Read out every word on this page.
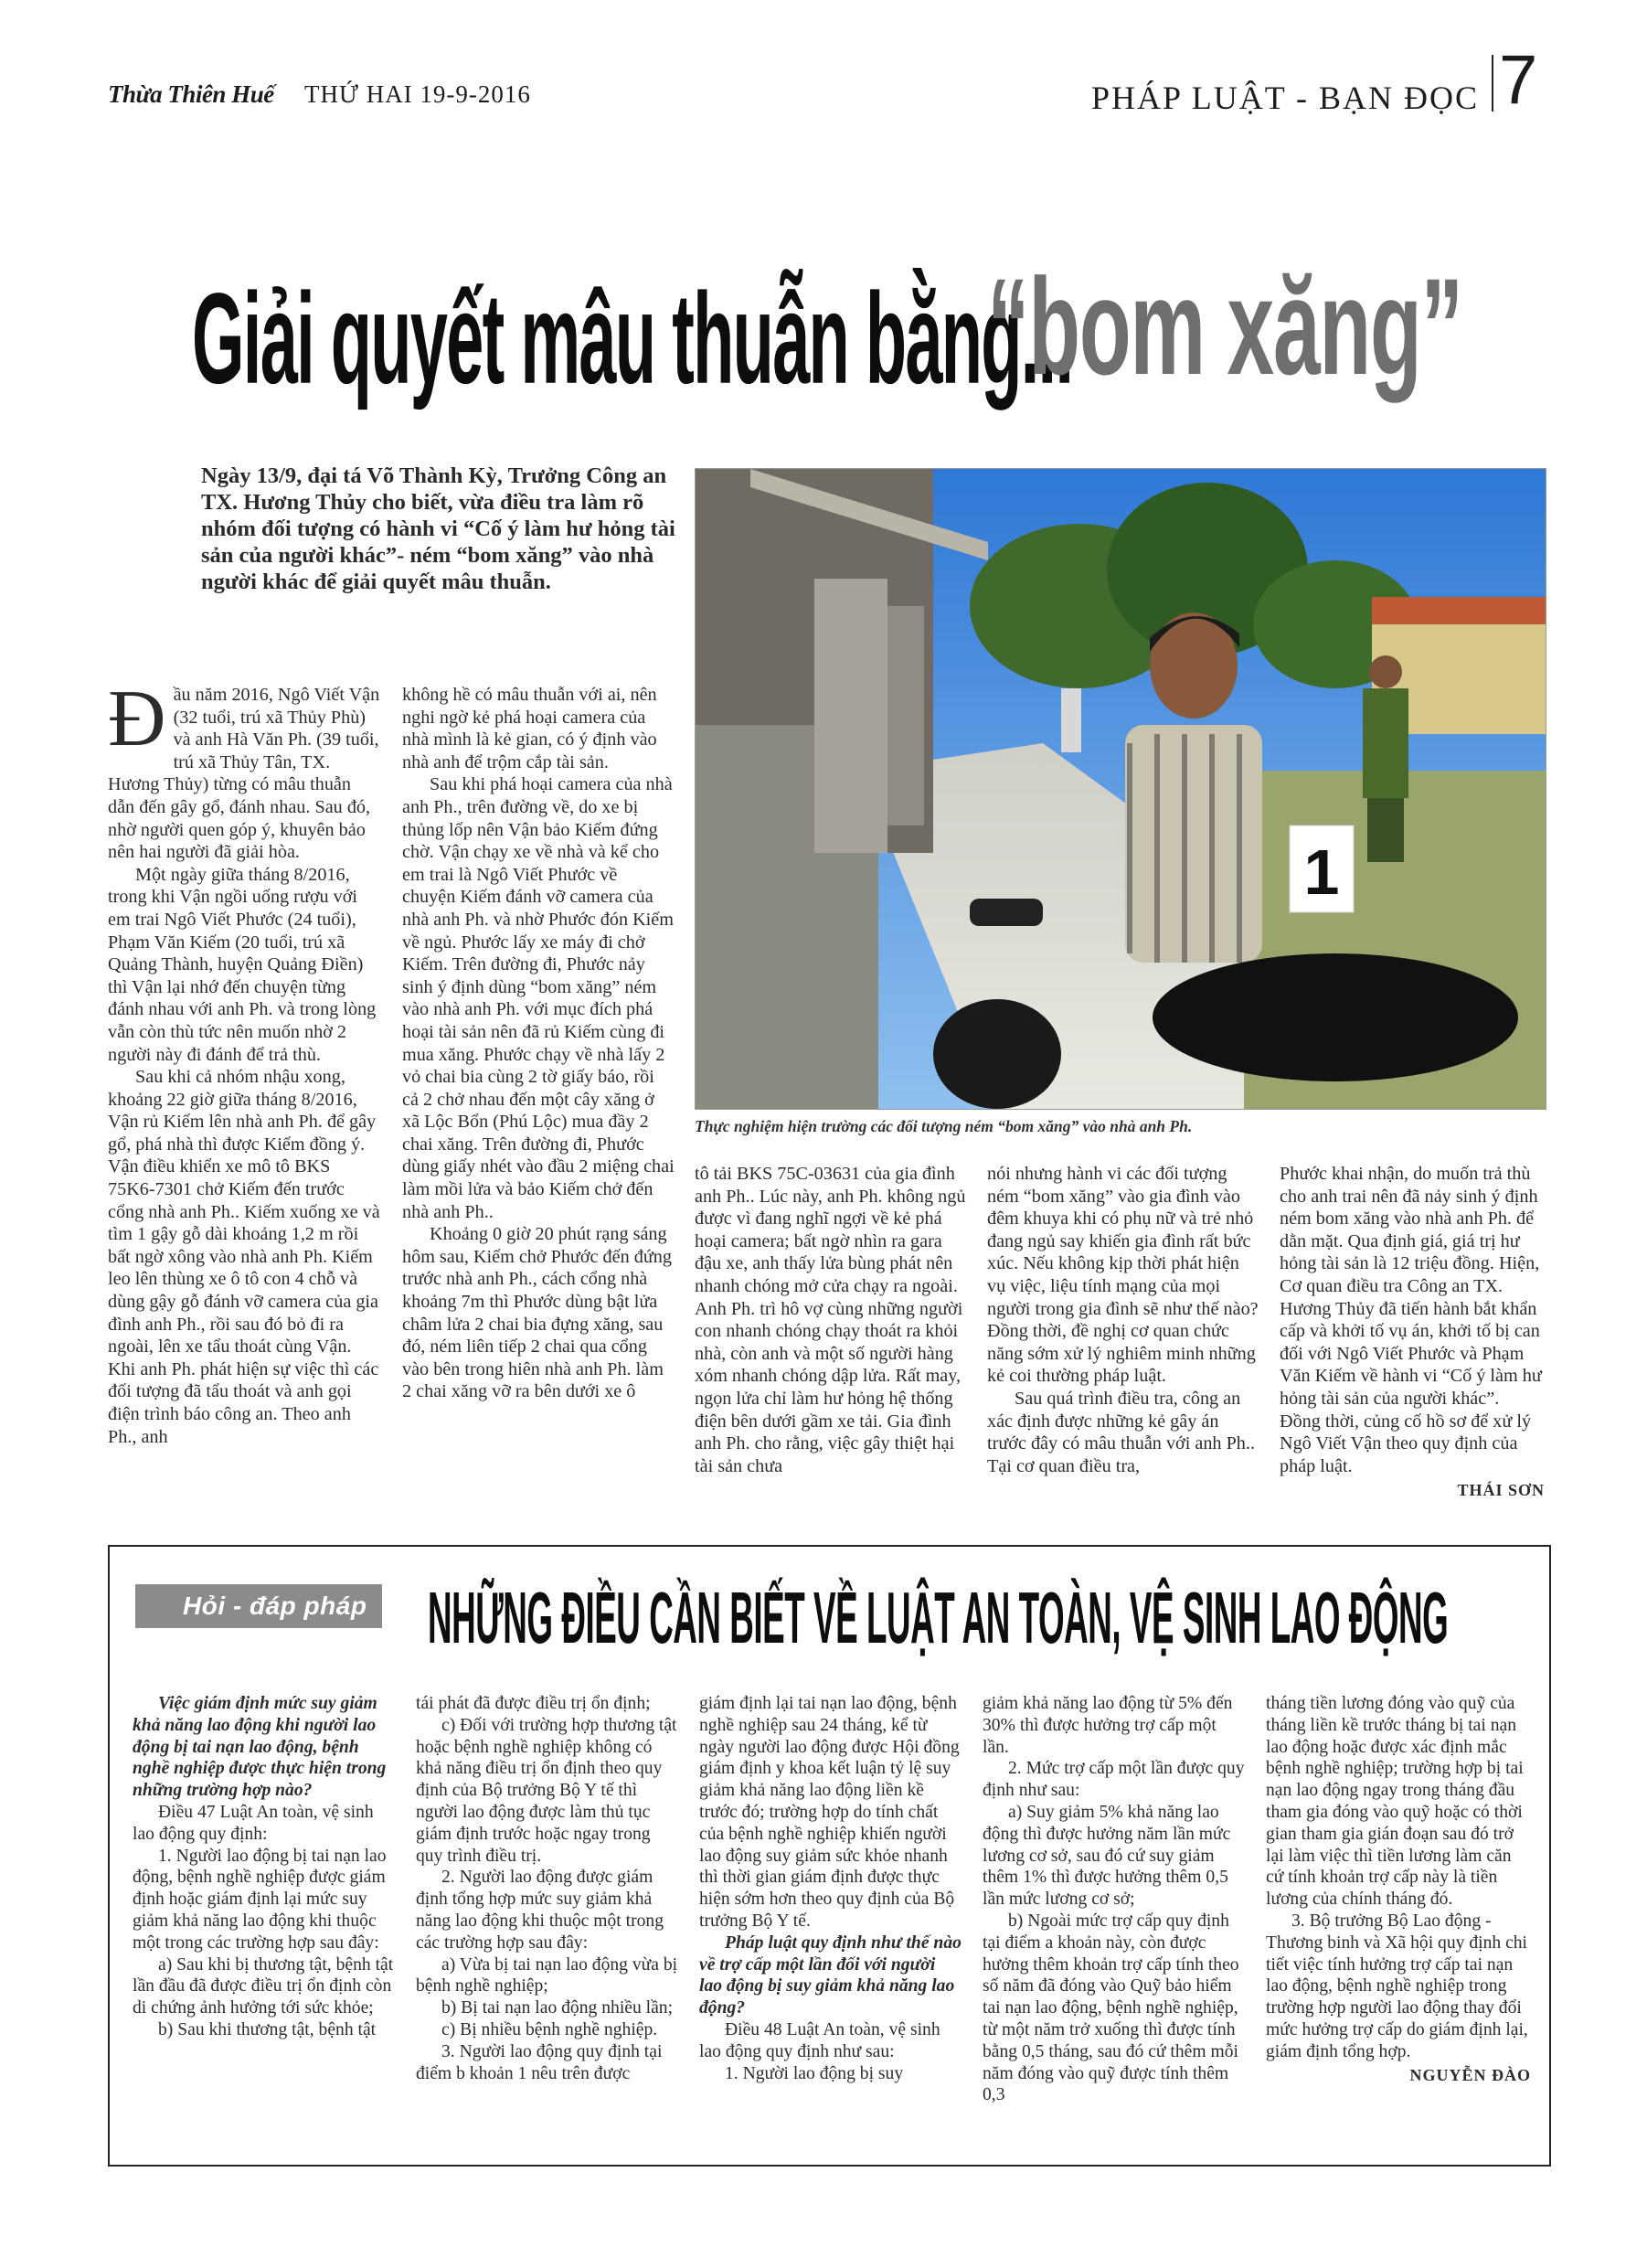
Thừa Thiên Huế THỨ HAI 19-9-2016	PHÁP LUẬT - BẠN ĐỌC 7
Giải quyết mâu thuẫn bằng...
“bom xăng”
Ngày 13/9, đại tá Võ Thành Kỳ, Trưởng Công an TX. Hương Thủy cho biết, vừa điều tra làm rõ nhóm đối tượng có hành vi “Cố ý làm hư hỏng tài sản của người khác”- ném “bom xăng” vào nhà người khác để giải quyết mâu thuẫn.
1
Thực nghiệm hiện trường các đối tượng ném “bom xăng” vào nhà anh Ph.
Đ ầu năm 2016, Ngô Viết Vận (32 tuổi, trú xã Thủy Phù) và anh Hà Văn Ph. (39 tuổi, trú xã Thủy Tân, TX. Hương Thủy) từng có mâu thuẫn dẫn đến gây gổ, đánh nhau. Sau đó, nhờ người quen góp ý, khuyên bảo nên hai người đã giải hòa.

Một ngày giữa tháng 8/2016, trong khi Vận ngồi uống rượu với em trai Ngô Viết Phước (24 tuổi), Phạm Văn Kiếm (20 tuổi, trú xã Quảng Thành, huyện Quảng Điền) thì Vận lại nhớ đến chuyện từng đánh nhau với anh Ph. và trong lòng vẫn còn thù tức nên muốn nhờ 2 người này đi đánh để trả thù.

Sau khi cả nhóm nhậu xong, khoảng 22 giờ giữa tháng 8/2016, Vận rủ Kiếm lên nhà anh Ph. để gây gổ, phá nhà thì được Kiếm đồng ý. Vận điều khiển xe mô tô BKS 75K6-7301 chở Kiếm đến trước cổng nhà anh Ph.. Kiếm xuống xe và tìm 1 gậy gỗ dài khoảng 1,2 m rồi bất ngờ xông vào nhà anh Ph. Kiếm leo lên thùng xe ô tô con 4 chỗ và dùng gậy gỗ đánh vỡ camera của gia đình anh Ph., rồi sau đó bỏ đi ra ngoài, lên xe tẩu thoát cùng Vận. Khi anh Ph. phát hiện sự việc thì các đối tượng đã tẩu thoát và anh gọi điện trình báo công an. Theo anh Ph., anh

không hề có mâu thuẫn với ai, nên nghi ngờ kẻ phá hoại camera của nhà mình là kẻ gian, có ý định vào nhà anh để trộm cắp tài sản.

Sau khi phá hoại camera của nhà anh Ph., trên đường về, do xe bị thủng lốp nên Vận bảo Kiếm đứng chờ. Vận chạy xe về nhà và kể cho em trai là Ngô Viết Phước về chuyện Kiếm đánh vỡ camera của nhà anh Ph. và nhờ Phước đón Kiếm về ngủ. Phước lấy xe máy đi chở Kiếm. Trên đường đi, Phước nảy sinh ý định dùng “bom xăng” ném vào nhà anh Ph. với mục đích phá hoại tài sản nên đã rủ Kiếm cùng đi mua xăng. Phước chạy về nhà lấy 2 vỏ chai bia cùng 2 tờ giấy báo, rồi cả 2 chở nhau đến một cây xăng ở xã Lộc Bổn (Phú Lộc) mua đầy 2 chai xăng. Trên đường đi, Phước dùng giấy nhét vào đầu 2 miệng chai làm mồi lửa và bảo Kiếm chở đến nhà anh Ph..

Khoảng 0 giờ 20 phút rạng sáng hôm sau, Kiếm chở Phước đến đứng trước nhà anh Ph., cách cổng nhà khoảng 7m thì Phước dùng bật lửa châm lửa 2 chai bia đựng xăng, sau đó, ném liên tiếp 2 chai qua cổng vào bên trong hiên nhà anh Ph. làm 2 chai xăng vỡ ra bên dưới xe ô

tô tải BKS 75C-03631 của gia đình anh Ph.. Lúc này, anh Ph. không ngủ được vì đang nghĩ ngợi về kẻ phá hoại camera; bất ngờ nhìn ra gara đậu xe, anh thấy lửa bùng phát nên nhanh chóng mở cửa chạy ra ngoài. Anh Ph. trì hô vợ cùng những người con nhanh chóng chạy thoát ra khỏi nhà, còn anh và một số người hàng xóm nhanh chóng dập lửa. Rất may, ngọn lửa chỉ làm hư hỏng hệ thống điện bên dưới gầm xe tải. Gia đình anh Ph. cho rằng, việc gây thiệt hại tài sản chưa

nói nhưng hành vi các đối tượng ném “bom xăng” vào gia đình vào đêm khuya khi có phụ nữ và trẻ nhỏ đang ngủ say khiến gia đình rất bức xúc. Nếu không kịp thời phát hiện vụ việc, liệu tính mạng của mọi người trong gia đình sẽ như thế nào? Đồng thời, đề nghị cơ quan chức năng sớm xử lý nghiêm minh những kẻ coi thường pháp luật.

Sau quá trình điều tra, công an xác định được những kẻ gây án trước đây có mâu thuẫn với anh Ph.. Tại cơ quan điều tra,

Phước khai nhận, do muốn trả thù cho anh trai nên đã nảy sinh ý định ném bom xăng vào nhà anh Ph. để dằn mặt. Qua định giá, giá trị hư hỏng tài sản là 12 triệu đồng. Hiện, Cơ quan điều tra Công an TX. Hương Thủy đã tiến hành bắt khẩn cấp và khởi tố vụ án, khởi tố bị can đối với Ngô Viết Phước và Phạm Văn Kiếm về hành vi “Cố ý làm hư hỏng tài sản của người khác”. Đồng thời, củng cố hồ sơ để xử lý Ngô Viết Vận theo quy định của pháp luật.

THÁI SƠN
Hỏi - đáp pháp luật	NHỮNG ĐIỀU CẦN BIẾT VỀ LUẬT AN TOÀN, VỆ SINH LAO ĐỘNG

Việc giám định mức suy giảm khả năng lao động khi người lao động bị tai nạn lao động, bệnh nghề nghiệp được thực hiện trong những trường hợp nào?

Điều 47 Luật An toàn, vệ sinh lao động quy định:

1. Người lao động bị tai nạn lao động, bệnh nghề nghiệp được giám định hoặc giám định lại mức suy giảm khả năng lao động khi thuộc một trong các trường hợp sau đây:

a) Sau khi bị thương tật, bệnh tật lần đầu đã được điều trị ổn định còn di chứng ảnh hưởng tới sức khỏe;

b) Sau khi thương tật, bệnh tật

tái phát đã được điều trị ổn định;

c) Đối với trường hợp thương tật hoặc bệnh nghề nghiệp không có khả năng điều trị ổn định theo quy định của Bộ trưởng Bộ Y tế thì người lao động được làm thủ tục giám định trước hoặc ngay trong quy trình điều trị.

2. Người lao động được giám định tổng hợp mức suy giảm khả năng lao động khi thuộc một trong các trường hợp sau đây:

a) Vừa bị tai nạn lao động vừa bị bệnh nghề nghiệp;

b) Bị tai nạn lao động nhiều lần;

c) Bị nhiều bệnh nghề nghiệp.

3. Người lao động quy định tại điểm b khoản 1 nêu trên được

giám định lại tai nạn lao động, bệnh nghề nghiệp sau 24 tháng, kể từ ngày người lao động được Hội đồng giám định y khoa kết luận tỷ lệ suy giảm khả năng lao động liền kề trước đó; trường hợp do tính chất của bệnh nghề nghiệp khiến người lao động suy giảm sức khỏe nhanh thì thời gian giám định được thực hiện sớm hơn theo quy định của Bộ trưởng Bộ Y tế.

Pháp luật quy định như thế nào về trợ cấp một lần đối với người lao động bị suy giảm khả năng lao động?

Điều 48 Luật An toàn, vệ sinh lao động quy định như sau:

1. Người lao động bị suy

giảm khả năng lao động từ 5% đến 30% thì được hưởng trợ cấp một lần.

2. Mức trợ cấp một lần được quy định như sau:

a) Suy giảm 5% khả năng lao động thì được hưởng năm lần mức lương cơ sở, sau đó cứ suy giảm thêm 1% thì được hưởng thêm 0,5 lần mức lương cơ sở;

b) Ngoài mức trợ cấp quy định tại điểm a khoản này, còn được hưởng thêm khoản trợ cấp tính theo số năm đã đóng vào Quỹ bảo hiểm tai nạn lao động, bệnh nghề nghiệp, từ một năm trở xuống thì được tính bằng 0,5 tháng, sau đó cứ thêm mỗi năm đóng vào quỹ được tính thêm 0,3

tháng tiền lương đóng vào quỹ của tháng liền kề trước tháng bị tai nạn lao động hoặc được xác định mắc bệnh nghề nghiệp; trường hợp bị tai nạn lao động ngay trong tháng đầu tham gia đóng vào quỹ hoặc có thời gian tham gia gián đoạn sau đó trở lại làm việc thì tiền lương làm căn cứ tính khoản trợ cấp này là tiền lương của chính tháng đó.

3. Bộ trưởng Bộ Lao động - Thương binh và Xã hội quy định chi tiết việc tính hưởng trợ cấp tai nạn lao động, bệnh nghề nghiệp trong trường hợp người lao động thay đổi mức hưởng trợ cấp do giám định lại, giám định tổng hợp.

NGUYỄN ĐÀO
